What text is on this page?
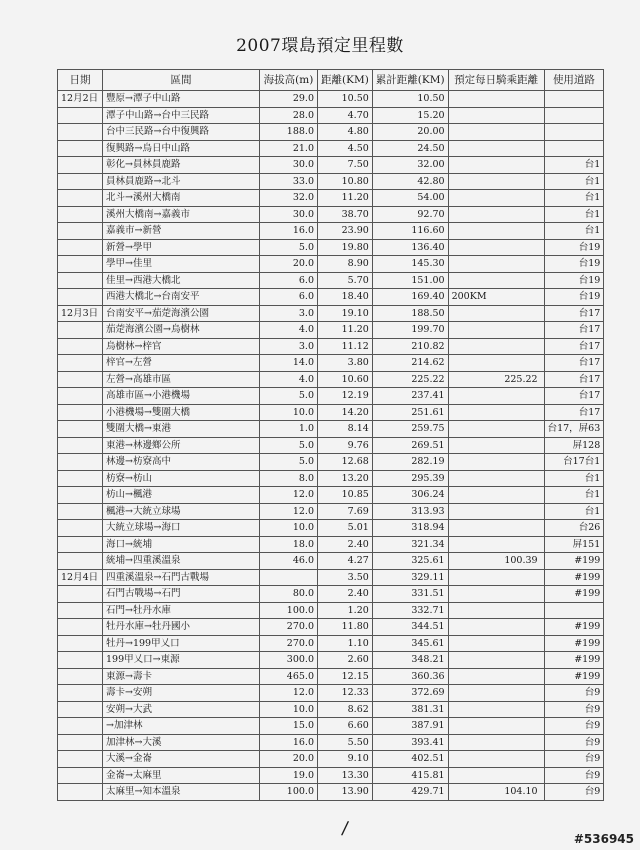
2007環島預定里程數
日期	區間	海拔高(m)	距離(KM)	累計距離(KM)	預定每日騎乘距離	使用道路
12月2日	豐原→潭子中山路	29.0	10.50	10.50		
	潭子中山路→台中三民路	28.0	4.70	15.20		
	台中三民路→台中復興路	188.0	4.80	20.00		
	復興路→烏日中山路	21.0	4.50	24.50		
	彰化→員林員鹿路	30.0	7.50	32.00		台1
	員林員鹿路→北斗	33.0	10.80	42.80		台1
	北斗→溪州大橋南	32.0	11.20	54.00		台1
	溪州大橋南→嘉義市	30.0	38.70	92.70		台1
	嘉義市→新營	16.0	23.90	116.60		台1
	新營→學甲	5.0	19.80	136.40		台19
	學甲→佳里	20.0	8.90	145.30		台19
	佳里→西港大橋北	6.0	5.70	151.00		台19
	西港大橋北→台南安平	6.0	18.40	169.40	200KM	台19
12月3日	台南安平→茄萣海濱公園	3.0	19.10	188.50		台17
	茄萣海濱公園→烏樹林	4.0	11.20	199.70		台17
	烏樹林→梓官	3.0	11.12	210.82		台17
	梓官→左營	14.0	3.80	214.62		台17
	左營→高雄市區	4.0	10.60	225.22	225.22	台17
	高雄市區→小港機場	5.0	12.19	237.41		台17
	小港機場→雙圍大橋	10.0	14.20	251.61		台17
	雙圍大橋→東港	1.0	8.14	259.75		台17，屏63
	東港→林邊鄉公所	5.0	9.76	269.51		屏128
	林邊→枋寮高中	5.0	12.68	282.19		台17台1
	枋寮→枋山	8.0	13.20	295.39		台1
	枋山→楓港	12.0	10.85	306.24		台1
	楓港→大統立球場	12.0	7.69	313.93		台1
	大統立球場→海口	10.0	5.01	318.94		台26
	海口→統埔	18.0	2.40	321.34		屏151
	統埔→四重溪溫泉	46.0	4.27	325.61	100.39	#199
12月4日	四重溪溫泉→石門古戰場		3.50	329.11		#199
	石門古戰場→石門	80.0	2.40	331.51		#199
	石門→牡丹水庫	100.0	1.20	332.71		
	牡丹水庫→牡丹國小	270.0	11.80	344.51		#199
	牡丹→199甲乂口	270.0	1.10	345.61		#199
	199甲乂口→東源	300.0	2.60	348.21		#199
	東源→壽卡	465.0	12.15	360.36		#199
	壽卡→安朔	12.0	12.33	372.69		台9
	安朔→大武	10.0	8.62	381.31		台9
	→加津林	15.0	6.60	387.91		台9
	加津林→大溪	16.0	5.50	393.41		台9
	大溪→金崙	20.0	9.10	402.51		台9
	金崙→太麻里	19.0	13.30	415.81		台9
	太麻里→知本溫泉	100.0	13.90	429.71	104.10	台9
/	#536945
